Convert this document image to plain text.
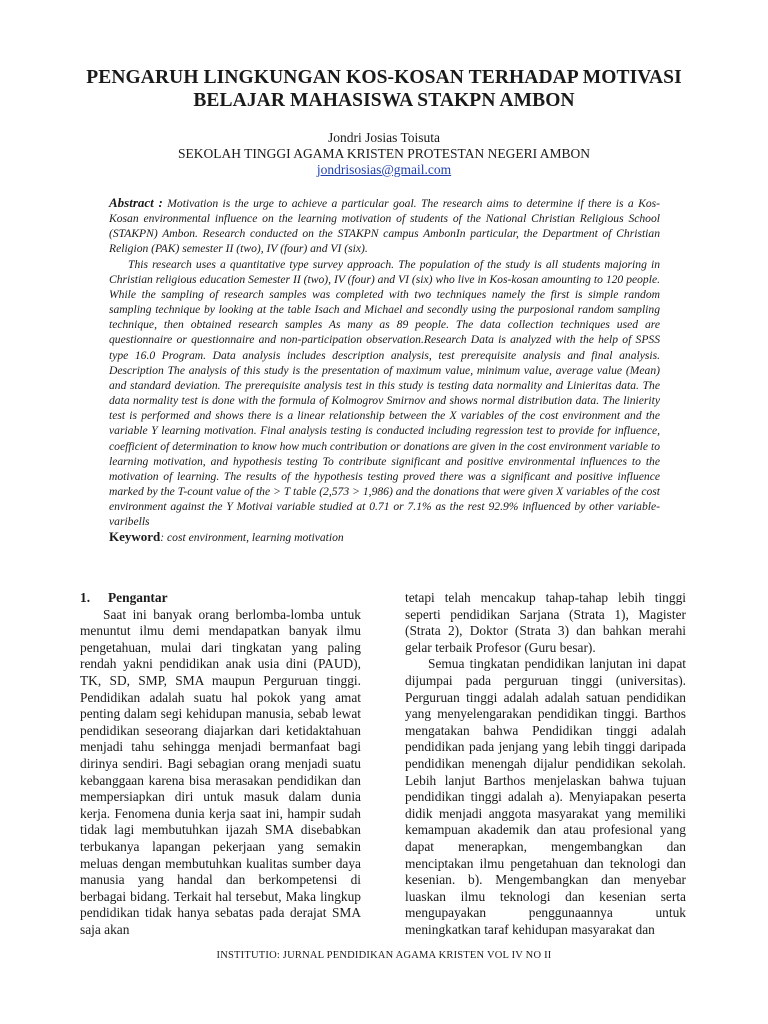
PENGARUH LINGKUNGAN KOS-KOSAN TERHADAP MOTIVASI
BELAJAR MAHASISWA STAKPN AMBON
Jondri Josias Toisuta
SEKOLAH TINGGI AGAMA KRISTEN PROTESTAN NEGERI AMBON
jondrisosias@gmail.com

Abstract : Motivation is the urge to achieve a particular goal. The research aims to determine if there is a Kos-Kosan environmental influence on the learning motivation of students of the National Christian Religious School (STAKPN) Ambon. Research conducted on the STAKPN campus AmbonIn particular, the Department of Christian Religion (PAK) semester II (two), IV (four) and VI (six).

This research uses a quantitative type survey approach. The population of the study is all students majoring in Christian religious education Semester II (two), IV (four) and VI (six) who live in Kos-kosan amounting to 120 people. While the sampling of research samples was completed with two techniques namely the first is simple random sampling technique by looking at the table Isach and Michael and secondly using the purposional random sampling technique, then obtained research samples As many as 89 people. The data collection techniques used are questionnaire or questionnaire and non-participation observation.Research Data is analyzed with the help of SPSS type 16.0 Program. Data analysis includes description analysis, test prerequisite analysis and final analysis. Description The analysis of this study is the presentation of maximum value, minimum value, average value (Mean) and standard deviation. The prerequisite analysis test in this study is testing data normality and Linieritas data. The data normality test is done with the formula of Kolmogrov Smirnov and shows normal distribution data. The linierity test is performed and shows there is a linear relationship between the X variables of the cost environment and the variable Y learning motivation. Final analysis testing is conducted including regression test to provide for influence, coefficient of determination to know how much contribution or donations are given in the cost environment variable to learning motivation, and hypothesis testing To contribute significant and positive environmental influences to the motivation of learning. The results of the hypothesis testing proved there was a significant and positive influence marked by the T-count value of the > T table (2,573 > 1,986) and the donations that were given X variables of the cost environment against the Y Motivai variable studied at 0.71 or 7.1% as the rest 92.9% influenced by other variable-varibells

Keyword: cost environment, learning motivation

1. Pengantar

Saat ini banyak orang berlomba-lomba untuk menuntut ilmu demi mendapatkan banyak ilmu pengetahuan, mulai dari tingkatan yang paling rendah yakni pendidikan anak usia dini (PAUD), TK, SD, SMP, SMA maupun Perguruan tinggi. Pendidikan adalah suatu hal pokok yang amat penting dalam segi kehidupan manusia, sebab lewat pendidikan seseorang diajarkan dari ketidaktahuan menjadi tahu sehingga menjadi bermanfaat bagi dirinya sendiri. Bagi sebagian orang menjadi suatu kebanggaan karena bisa merasakan pendidikan dan mempersiapkan diri untuk masuk dalam dunia kerja. Fenomena dunia kerja saat ini, hampir sudah tidak lagi membutuhkan ijazah SMA disebabkan terbukanya lapangan pekerjaan yang semakin meluas dengan membutuhkan kualitas sumber daya manusia yang handal dan berkompetensi di berbagai bidang. Terkait hal tersebut, Maka lingkup pendidikan tidak hanya sebatas pada derajat SMA saja akan

tetapi telah mencakup tahap-tahap lebih tinggi seperti pendidikan Sarjana (Strata 1), Magister (Strata 2), Doktor (Strata 3) dan bahkan merahi gelar terbaik Profesor (Guru besar).

Semua tingkatan pendidikan lanjutan ini dapat dijumpai pada perguruan tinggi (universitas). Perguruan tinggi adalah adalah satuan pendidikan yang menyelengarakan pendidikan tinggi. Barthos mengatakan bahwa Pendidikan tinggi adalah pendidikan pada jenjang yang lebih tinggi daripada pendidikan menengah dijalur pendidikan sekolah. Lebih lanjut Barthos menjelaskan bahwa tujuan pendidikan tinggi adalah a). Menyiapakan peserta didik menjadi anggota masyarakat yang memiliki kemampuan akademik dan atau profesional yang dapat menerapkan, mengembangkan dan menciptakan ilmu pengetahuan dan teknologi dan kesenian. b). Mengembangkan dan menyebar luaskan ilmu teknologi dan kesenian serta mengupayakan penggunaannya untuk meningkatkan taraf kehidupan masyarakat dan

INSTITUTIO: JURNAL PENDIDIKAN AGAMA KRISTEN VOL IV NO II
